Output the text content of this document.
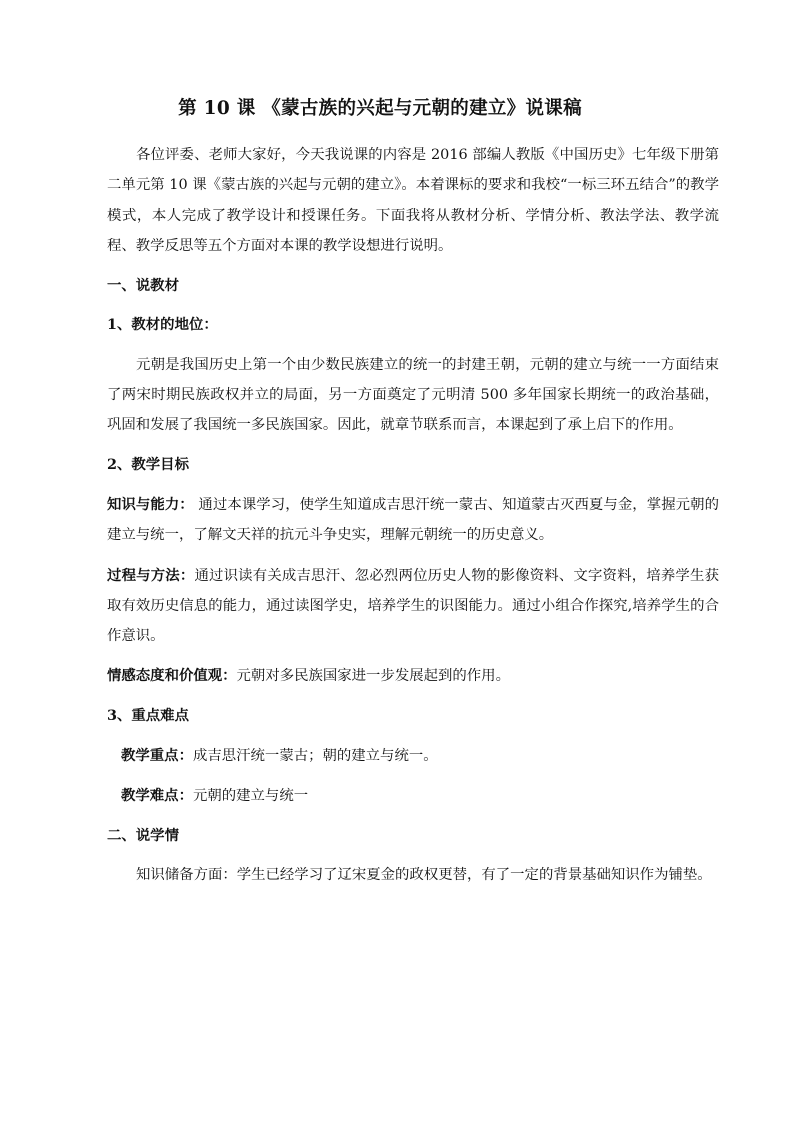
第 10 课 《蒙古族的兴起与元朝的建立》说课稿

各位评委、老师大家好，今天我说课的内容是 2016 部编人教版《中国历史》七年级下册第二单元第 10 课《蒙古族的兴起与元朝的建立》。本着课标的要求和我校“一标三环五结合”的教学模式，本人完成了教学设计和授课任务。下面我将从教材分析、学情分析、教法学法、教学流程、教学反思等五个方面对本课的教学设想进行说明。

一、说教材

1、教材的地位：

元朝是我国历史上第一个由少数民族建立的统一的封建王朝，元朝的建立与统一一方面结束了两宋时期民族政权并立的局面，另一方面奠定了元明清 500 多年国家长期统一的政治基础，巩固和发展了我国统一多民族国家。因此，就章节联系而言，本课起到了承上启下的作用。

2、教学目标

知识与能力： 通过本课学习，使学生知道成吉思汗统一蒙古、知道蒙古灭西夏与金，掌握元朝的建立与统一，了解文天祥的抗元斗争史实，理解元朝统一的历史意义。

过程与方法：通过识读有关成吉思汗、忽必烈两位历史人物的影像资料、文字资料，培养学生获取有效历史信息的能力，通过读图学史，培养学生的识图能力。通过小组合作探究,培养学生的合作意识。

情感态度和价值观：元朝对多民族国家进一步发展起到的作用。

3、重点难点

教学重点：成吉思汗统一蒙古；朝的建立与统一。

教学难点：元朝的建立与统一

二、说学情

知识储备方面：学生已经学习了辽宋夏金的政权更替，有了一定的背景基础知识作为铺垫。
